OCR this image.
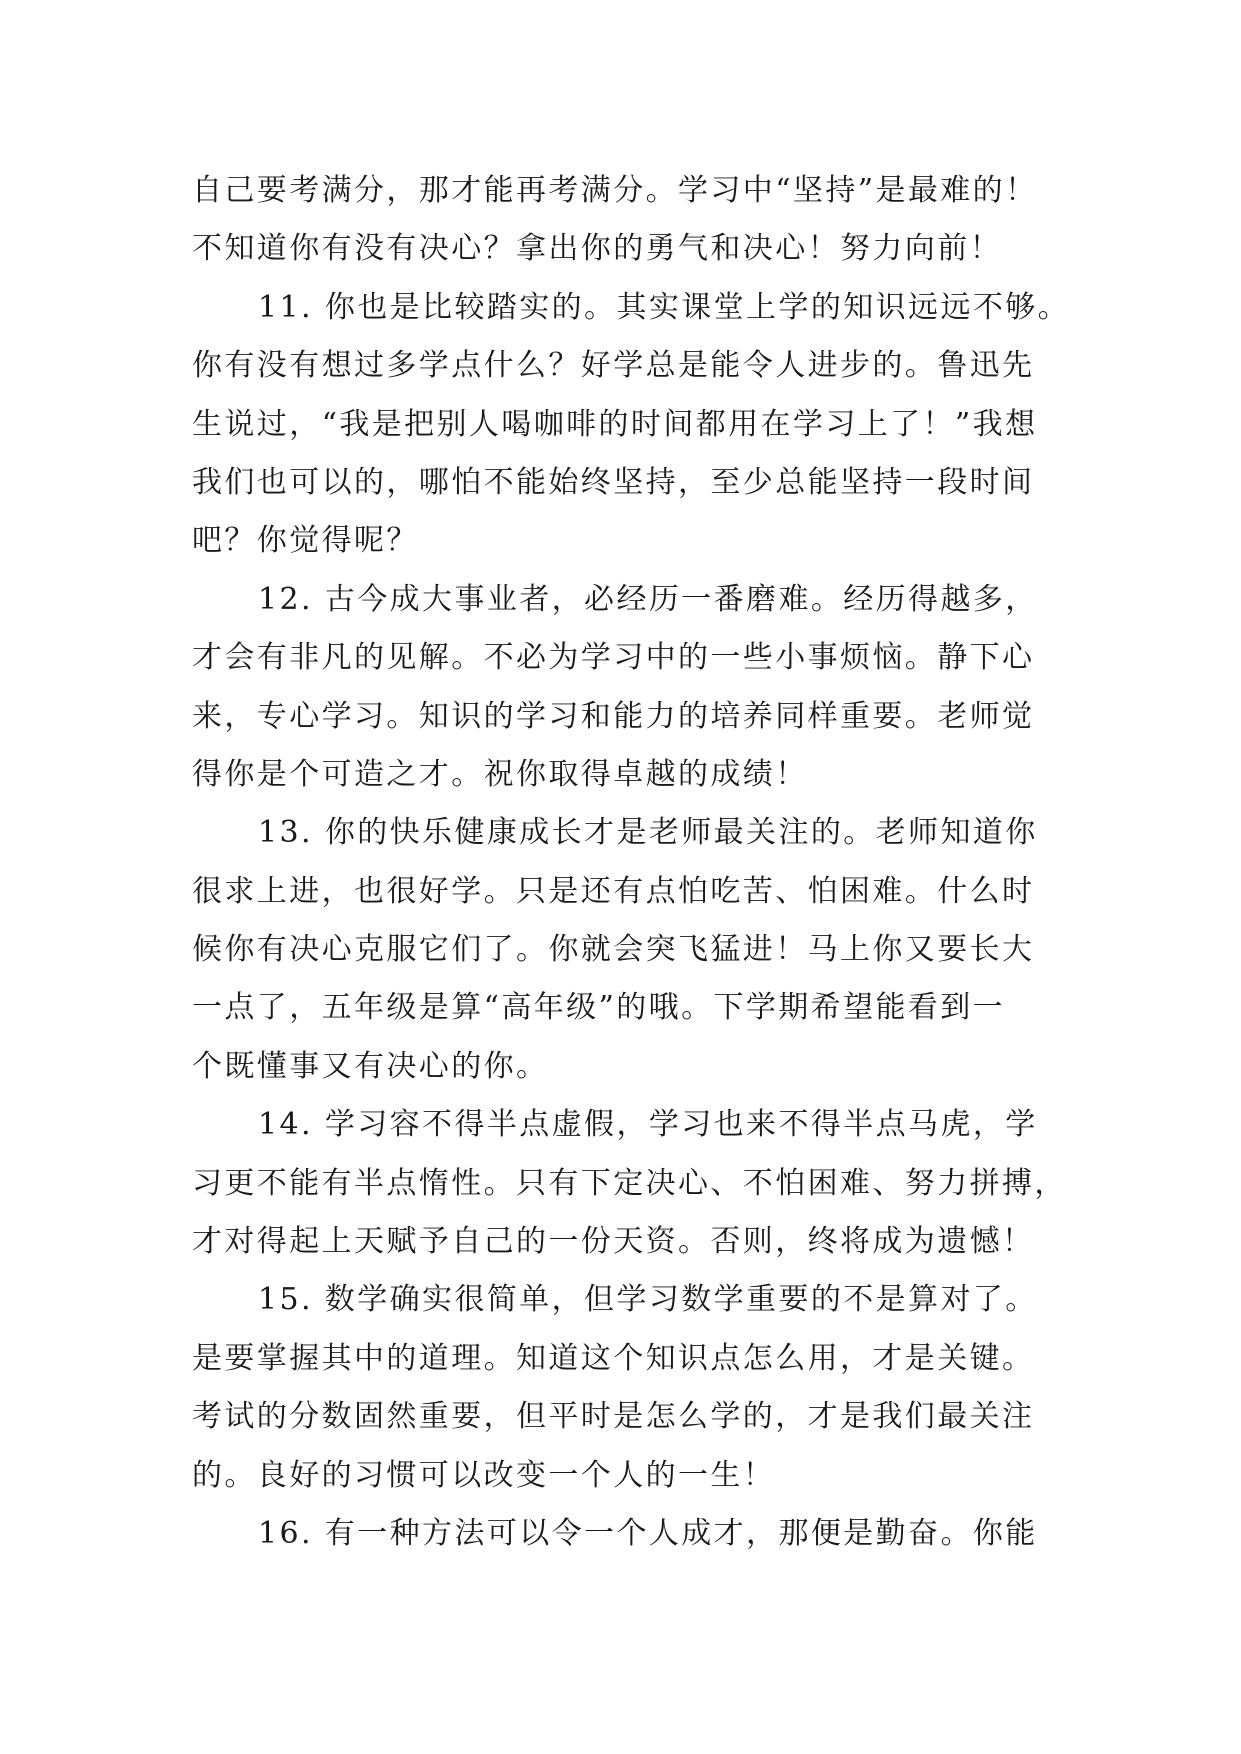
自己要考满分，那才能再考满分。学习中“坚持”是最难的！
不知道你有没有决心？拿出你的勇气和决心！努力向前！
11. 你也是比较踏实的。其实课堂上学的知识远远不够。
你有没有想过多学点什么？好学总是能令人进步的。鲁迅先
生说过，“我是把别人喝咖啡的时间都用在学习上了！”我想
我们也可以的，哪怕不能始终坚持，至少总能坚持一段时间
吧？你觉得呢？
12. 古今成大事业者，必经历一番磨难。经历得越多，
才会有非凡的见解。不必为学习中的一些小事烦恼。静下心
来，专心学习。知识的学习和能力的培养同样重要。老师觉
得你是个可造之才。祝你取得卓越的成绩！
13. 你的快乐健康成长才是老师最关注的。老师知道你
很求上进，也很好学。只是还有点怕吃苦、怕困难。什么时
候你有决心克服它们了。你就会突飞猛进！马上你又要长大
一点了，五年级是算“高年级”的哦。下学期希望能看到一
个既懂事又有决心的你。
14. 学习容不得半点虚假，学习也来不得半点马虎，学
习更不能有半点惰性。只有下定决心、不怕困难、努力拼搏，
才对得起上天赋予自己的一份天资。否则，终将成为遗憾！
15. 数学确实很简单，但学习数学重要的不是算对了。
是要掌握其中的道理。知道这个知识点怎么用，才是关键。
考试的分数固然重要，但平时是怎么学的，才是我们最关注
的。良好的习惯可以改变一个人的一生！
16. 有一种方法可以令一个人成才，那便是勤奋。你能
